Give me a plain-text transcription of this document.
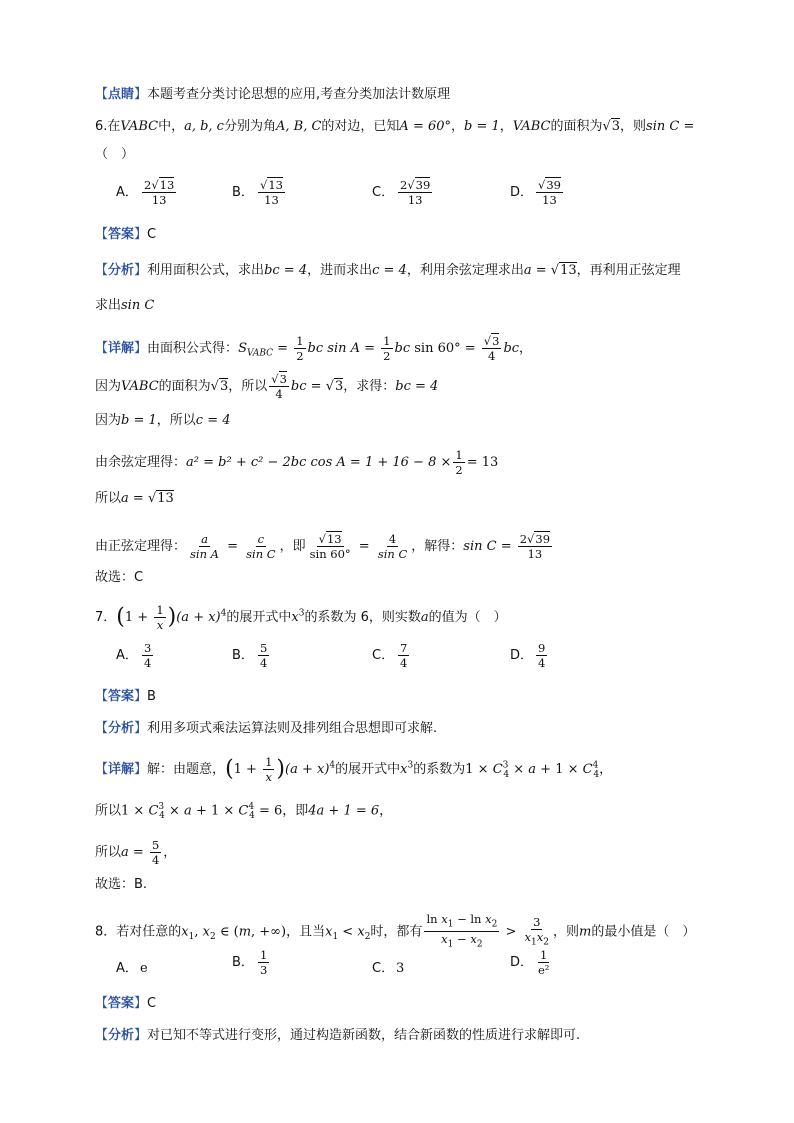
【点睛】本题考查分类讨论思想的应用,考查分类加法计数原理
6.在VABC中，a, b, c分别为角A, B, C的对边，已知A = 60°，b = 1，VABC的面积为√3，则sin C =
（　）
A． $\frac{2√13}{13}$	B． $\frac{√13}{13}$	C． $\frac{2√39}{13}$	D． $\frac{√39}{13}$
【答案】C
【分析】利用面积公式，求出bc = 4，进而求出c = 4，利用余弦定理求出a = √13，再利用正弦定理
求出sin C
【详解】由面积公式得：$S_{VABC} = \frac{1}{2}$ bc $\sin A = \frac{1}{2}$ bc $\sin 60^\circ = \frac{√3}{4}$ bc，
因为VABC的面积为√3，所以 $\frac{√3}{4}$ bc = √3，求得：bc = 4
因为b = 1，所以c = 4
由余弦定理得：a² = b² + c² − 2bc $\cos A = 1 + 16 - 8 \times \frac{1}{2} = 13$
所以a = √13
由正弦定理得： $\frac{a}{\text{sin A}} = \frac{c}{\text{sin C}}$ ，即 $\frac{√13}{\sin 60^\circ} = \frac{4}{\text{sin C}}$ ，解得：$\sin C = \frac{2√39}{13}$
故选：C
7．$(1 + \frac{1}{x} )(a + x)^4$的展开式中$x^3$的系数为 6，则实数a的值为（　）
A． $\frac{3}{4}$	B． $\frac{5}{4}$	C． $\frac{7}{4}$	D． $\frac{9}{4}$
【答案】B
【分析】利用多项式乘法运算法则及排列组合思想即可求解.
【详解】解：由题意，$(1 + \frac{1}{x} )(a + x)^4$的展开式中$x^3$的系数为$1 \times C^3_4 \times a + 1 \times C^4_4$，
所以$1 \times C^3_4 \times a + 1 \times C^4_4 = 6$，即4a + 1 = 6，
所以$a = \frac{5}{4}$ ，
故选：B.
8．若对任意的$x_1$, $x_2$ ∈ (m, +∞)，且当$x_1 < x_2$时，都有 $\frac{\ln x_1 - \ln x_2}{x_1 - x_2} > \frac{3}{x_1x_2}$ ，则m的最小值是（　）
A． e	B． $\frac{1}{3}$	C． 3	D． $\frac{1}{\text{e²}}$
【答案】C
【分析】对已知不等式进行变形，通过构造新函数，结合新函数的性质进行求解即可.
